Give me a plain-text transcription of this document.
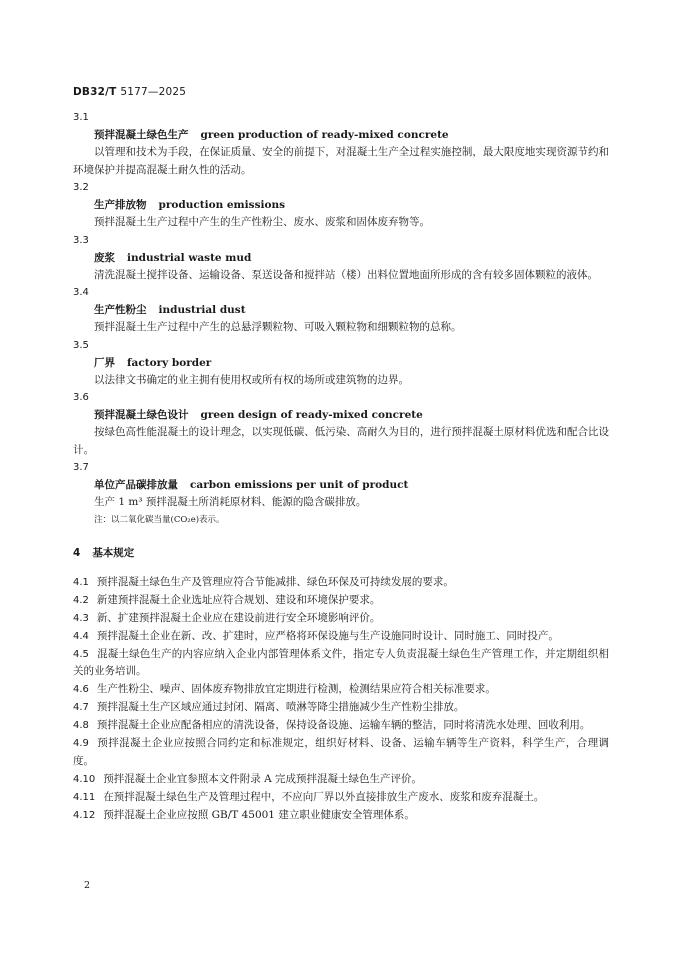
DB32/T 5177—2025
3.1
预拌混凝土绿色生产 green production of ready-mixed concrete
以管理和技术为手段，在保证质量、安全的前提下，对混凝土生产全过程实施控制，最大限度地实现资源节约和环境保护并提高混凝土耐久性的活动。
3.2
生产排放物 production emissions
预拌混凝土生产过程中产生的生产性粉尘、废水、废浆和固体废弃物等。
3.3
废浆 industrial waste mud
清洗混凝土搅拌设备、运输设备、泵送设备和搅拌站（楼）出料位置地面所形成的含有较多固体颗粒的液体。
3.4
生产性粉尘 industrial dust
预拌混凝土生产过程中产生的总悬浮颗粒物、可吸入颗粒物和细颗粒物的总称。
3.5
厂界 factory border
以法律文书确定的业主拥有使用权或所有权的场所或建筑物的边界。
3.6
预拌混凝土绿色设计 green design of ready-mixed concrete
按绿色高性能混凝土的设计理念，以实现低碳、低污染、高耐久为目的，进行预拌混凝土原材料优选和配合比设计。
3.7
单位产品碳排放量 carbon emissions per unit of product
生产 1 m³ 预拌混凝土所消耗原材料、能源的隐含碳排放。
注：以二氧化碳当量(CO₂e)表示。
4 基本规定
4.1 预拌混凝土绿色生产及管理应符合节能减排、绿色环保及可持续发展的要求。
4.2 新建预拌混凝土企业选址应符合规划、建设和环境保护要求。
4.3 新、扩建预拌混凝土企业应在建设前进行安全环境影响评价。
4.4 预拌混凝土企业在新、改、扩建时，应严格将环保设施与生产设施同时设计、同时施工、同时投产。
4.5 混凝土绿色生产的内容应纳入企业内部管理体系文件，指定专人负责混凝土绿色生产管理工作，并定期组织相关的业务培训。
4.6 生产性粉尘、噪声、固体废弃物排放宜定期进行检测，检测结果应符合相关标准要求。
4.7 预拌混凝土生产区域应通过封闭、隔离、喷淋等降尘措施减少生产性粉尘排放。
4.8 预拌混凝土企业应配备相应的清洗设备，保持设备设施、运输车辆的整洁，同时将清洗水处理、回收利用。
4.9 预拌混凝土企业应按照合同约定和标准规定，组织好材料、设备、运输车辆等生产资料，科学生产，合理调度。
4.10 预拌混凝土企业宜参照本文件附录 A 完成预拌混凝土绿色生产评价。
4.11 在预拌混凝土绿色生产及管理过程中，不应向厂界以外直接排放生产废水、废浆和废弃混凝土。
4.12 预拌混凝土企业应按照 GB/T 45001 建立职业健康安全管理体系。
2
